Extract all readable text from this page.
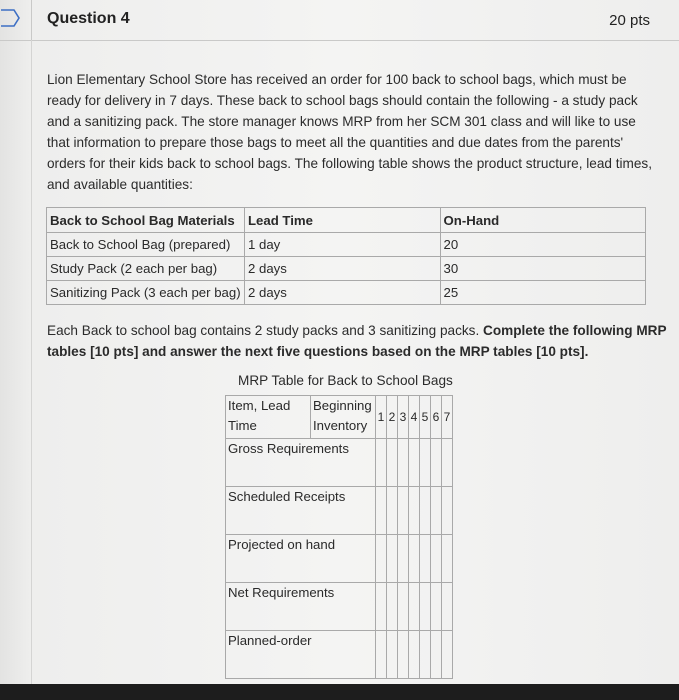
Question 4	20 pts
Lion Elementary School Store has received an order for 100 back to school bags, which must be ready for delivery in 7 days. These back to school bags should contain the following - a study pack and a sanitizing pack. The store manager knows MRP from her SCM 301 class and will like to use that information to prepare those bags to meet all the quantities and due dates from the parents' orders for their kids back to school bags. The following table shows the product structure, lead times, and available quantities:
Back to School Bag Materials	Lead Time	On-Hand
Back to School Bag (prepared)	1 day	20
Study Pack (2 each per bag)	2 days	30
Sanitizing Pack (3 each per bag)	2 days	25
Each Back to school bag contains 2 study packs and 3 sanitizing packs. Complete the following MRP tables [10 pts] and answer the next five questions based on the MRP tables [10 pts].
MRP Table for Back to School Bags
Item, Lead Time	Beginning Inventory	1	2	3	4	5	6	7
Gross Requirements								
Scheduled Receipts								
Projected on hand								
Net Requirements								
Planned-order								
